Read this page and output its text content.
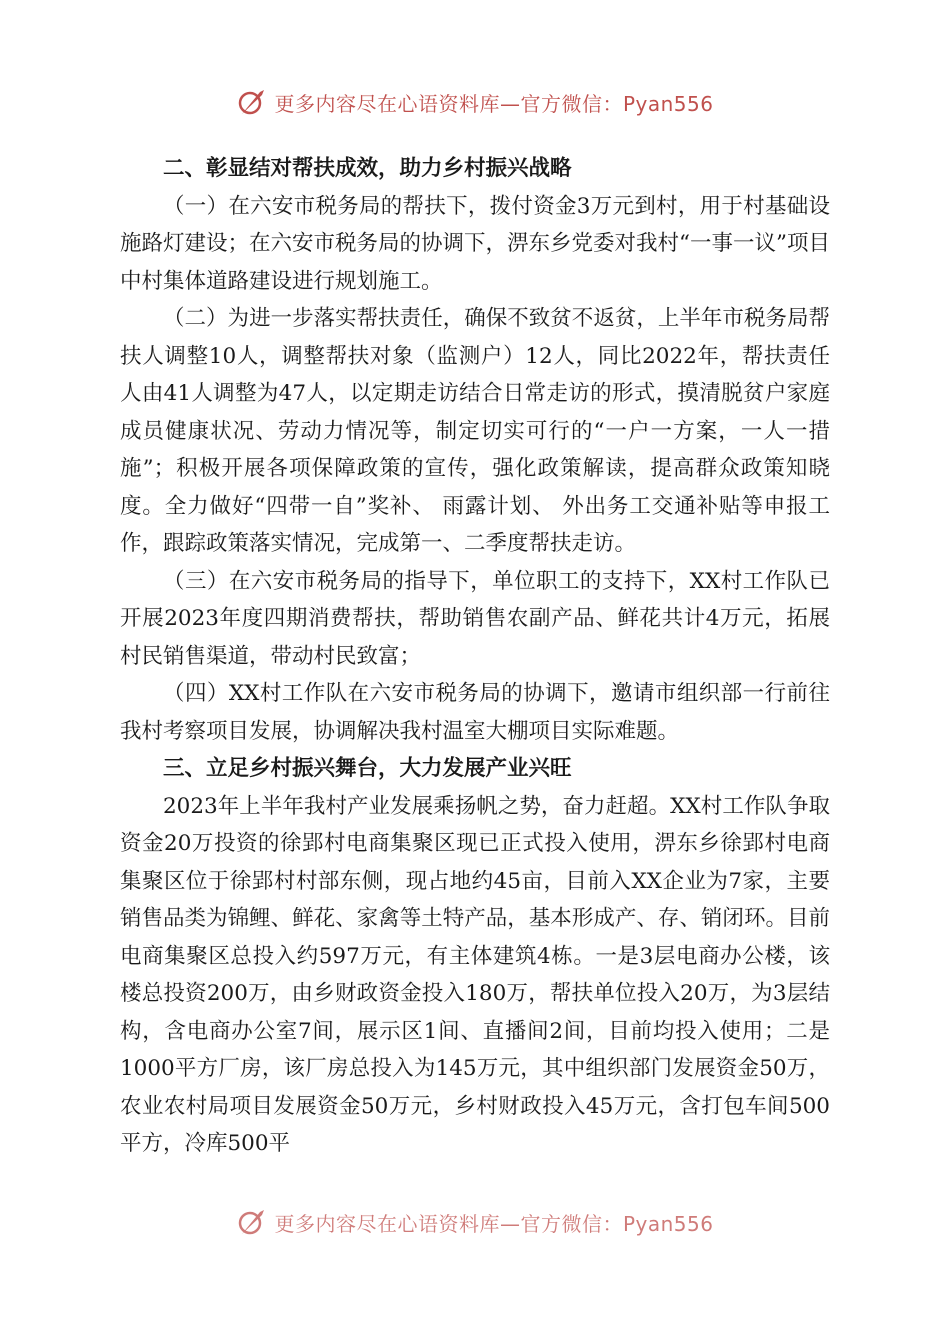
更多内容尽在心语资料库—官方微信：Pyan556
二、彰显结对帮扶成效，助力乡村振兴战略

（一）在六安市税务局的帮扶下，拨付资金3万元到村，用于村基础设施路灯建设；在六安市税务局的协调下，淠东乡党委对我村“一事一议”项目中村集体道路建设进行规划施工。

（二）为进一步落实帮扶责任，确保不致贫不返贫，上半年市税务局帮扶人调整10人，调整帮扶对象（监测户）12人，同比2022年，帮扶责任人由41人调整为47人，以定期走访结合日常走访的形式，摸清脱贫户家庭成员健康状况、劳动力情况等，制定切实可行的“一户一方案，一人一措施”；积极开展各项保障政策的宣传，强化政策解读，提高群众政策知晓度。全力做好“四带一自”奖补、 雨露计划、 外出务工交通补贴等申报工作，跟踪政策落实情况，完成第一、二季度帮扶走访。

（三）在六安市税务局的指导下，单位职工的支持下，XX村工作队已开展2023年度四期消费帮扶，帮助销售农副产品、鲜花共计4万元，拓展村民销售渠道，带动村民致富；

（四）XX村工作队在六安市税务局的协调下，邀请市组织部一行前往我村考察项目发展，协调解决我村温室大棚项目实际难题。

三、立足乡村振兴舞台，大力发展产业兴旺

2023年上半年我村产业发展乘扬帆之势，奋力赶超。XX村工作队争取资金20万投资的徐郢村电商集聚区现已正式投入使用，淠东乡徐郢村电商集聚区位于徐郢村村部东侧，现占地约45亩，目前入XX企业为7家，主要销售品类为锦鲤、鲜花、家禽等土特产品，基本形成产、存、销闭环。目前电商集聚区总投入约597万元，有主体建筑4栋。一是3层电商办公楼，该楼总投资200万，由乡财政资金投入180万，帮扶单位投入20万，为3层结构，含电商办公室7间，展示区1间、直播间2间，目前均投入使用；二是1000平方厂房，该厂房总投入为145万元，其中组织部门发展资金50万，农业农村局项目发展资金50万元，乡村财政投入45万元，含打包车间500平方，冷库500平

更多内容尽在心语资料库—官方微信：Pyan556
